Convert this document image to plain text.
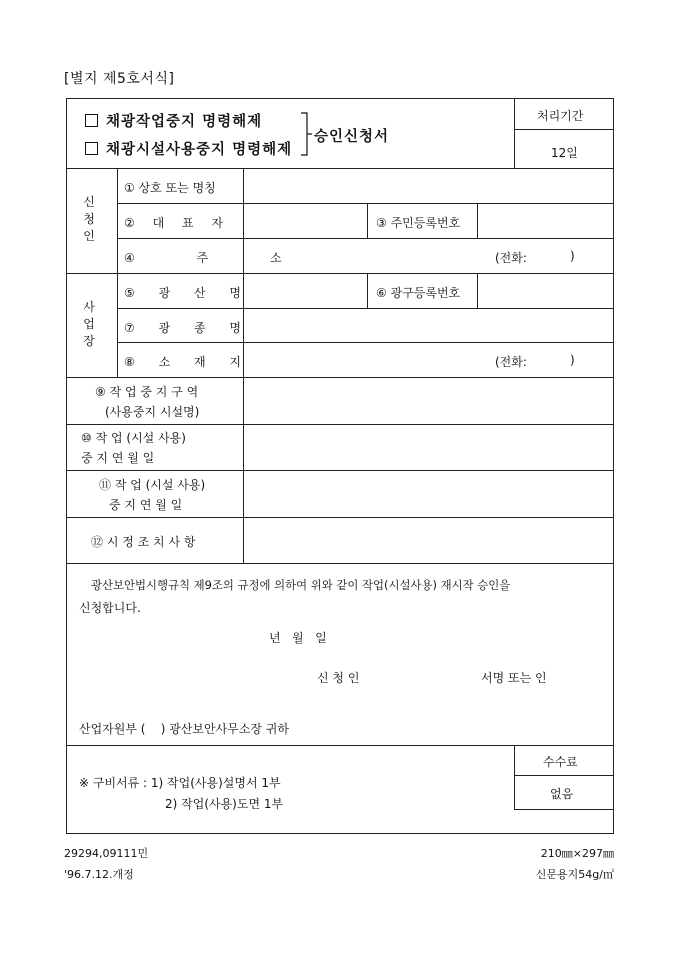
[별지 제5호서식]
채광작업중지 명령해제
채광시설사용중지 명령해제
승인신청서
처리기간
12일
신
청
인
① 상호 또는 명칭
② 대 표 자	③ 주민등록번호
④ 주 소	(전화:	)
사
업
장
⑤ 광 산 명	⑥ 광구등록번호
⑦ 광 종 명
⑧ 소 재 지	(전화:	)
⑨ 작 업 중 지 구 역
(사용중지 시설명)
⑩ 작 업 (시설 사용)
중 지 연 월 일
⑪ 작 업 (시설 사용)
중 지 연 월 일
⑫ 시 정 조 치 사 항
광산보안법시행규칙 제9조의 규정에 의하여 위와 같이 작업(시설사용) 재시작 승인을
신청합니다.
년   월   일
신 청 인	서명 또는 인
산업자원부 (    ) 광산보안사무소장 귀하
※ 구비서류 : 1) 작업(사용)설명서 1부
2) 작업(사용)도면 1부
수수료
없음
29294,09111민
'96.7.12.개정
210㎜×297㎜
신문용지54g/㎡
